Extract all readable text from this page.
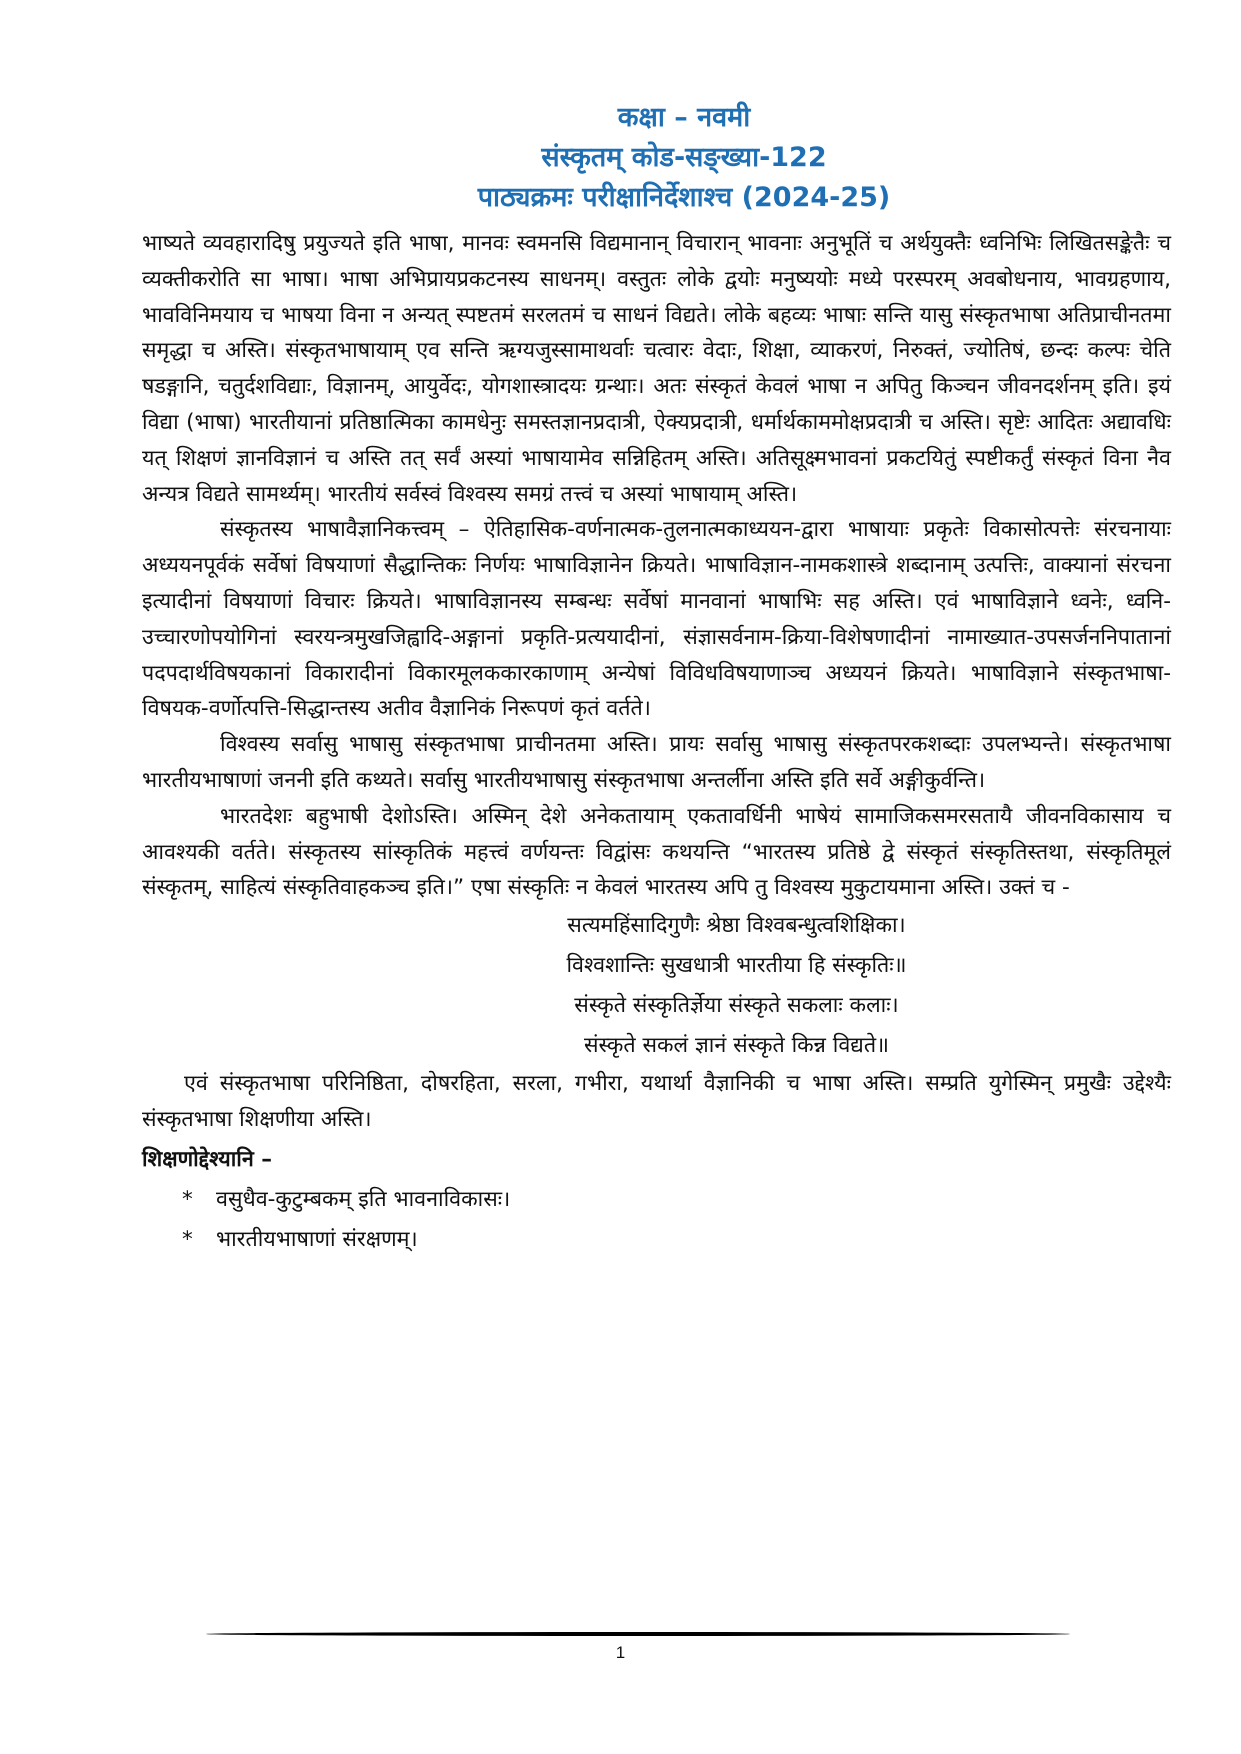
कक्षा – नवमी
संस्कृतम् कोड-सङ्ख्या-122
पाठ्यक्रमः परीक्षानिर्देशाश्च (2024-25)

भाष्यते व्यवहारादिषु प्रयुज्यते इति भाषा, मानवः स्वमनसि विद्यमानान् विचारान् भावनाः अनुभूतिं च अर्थयुक्तैः ध्वनिभिः लिखितसङ्केतैः च व्यक्तीकरोति सा भाषा। भाषा अभिप्रायप्रकटनस्य साधनम्। वस्तुतः लोके द्वयोः मनुष्ययोः मध्ये परस्परम् अवबोधनाय, भावग्रहणाय, भावविनिमयाय च भाषया विना न अन्यत् स्पष्टतमं सरलतमं च साधनं विद्यते। लोके बहव्यः भाषाः सन्ति यासु संस्कृतभाषा अतिप्राचीनतमा समृद्धा च अस्ति। संस्कृतभाषायाम् एव सन्ति ऋग्यजुस्सामाथर्वाः चत्वारः वेदाः, शिक्षा, व्याकरणं, निरुक्तं, ज्योतिषं, छन्दः कल्पः चेति षडङ्गानि, चतुर्दशविद्याः, विज्ञानम्, आयुर्वेदः, योगशास्त्रादयः ग्रन्थाः। अतः संस्कृतं केवलं भाषा न अपितु किञ्चन जीवनदर्शनम् इति। इयं विद्या (भाषा) भारतीयानां प्रतिष्ठात्मिका कामधेनुः समस्तज्ञानप्रदात्री, ऐक्यप्रदात्री, धर्मार्थकाममोक्षप्रदात्री च अस्ति। सृष्टेः आदितः अद्यावधिः यत् शिक्षणं ज्ञानविज्ञानं च अस्ति तत् सर्वं अस्यां भाषायामेव सन्निहितम् अस्ति। अतिसूक्ष्मभावनां प्रकटयितुं स्पष्टीकर्तुं संस्कृतं विना नैव अन्यत्र विद्यते सामर्थ्यम्। भारतीयं सर्वस्वं विश्वस्य समग्रं तत्त्वं च अस्यां भाषायाम् अस्ति।

संस्कृतस्य भाषावैज्ञानिकत्त्वम् – ऐतिहासिक-वर्णनात्मक-तुलनात्मकाध्ययन-द्वारा भाषायाः प्रकृतेः विकासोत्पत्तेः संरचनायाः अध्ययनपूर्वकं सर्वेषां विषयाणां सैद्धान्तिकः निर्णयः भाषाविज्ञानेन क्रियते। भाषाविज्ञान-नामकशास्त्रे शब्दानाम् उत्पत्तिः, वाक्यानां संरचना इत्यादीनां विषयाणां विचारः क्रियते। भाषाविज्ञानस्य सम्बन्धः सर्वेषां मानवानां भाषाभिः सह अस्ति। एवं भाषाविज्ञाने ध्वनेः, ध्वनि-उच्चारणोपयोगिनां स्वरयन्त्रमुखजिह्वादि-अङ्गानां प्रकृति-प्रत्ययादीनां, संज्ञासर्वनाम-क्रिया-विशेषणादीनां नामाख्यात-उपसर्जननिपातानां पदपदार्थविषयकानां विकारादीनां विकारमूलककारकाणाम् अन्येषां विविधविषयाणाञ्च अध्ययनं क्रियते। भाषाविज्ञाने संस्कृतभाषा-विषयक-वर्णोत्पत्ति-सिद्धान्तस्य अतीव वैज्ञानिकं निरूपणं कृतं वर्तते।

विश्वस्य सर्वासु भाषासु संस्कृतभाषा प्राचीनतमा अस्ति। प्रायः सर्वासु भाषासु संस्कृतपरकशब्दाः उपलभ्यन्ते। संस्कृतभाषा भारतीयभाषाणां जननी इति कथ्यते। सर्वासु भारतीयभाषासु संस्कृतभाषा अन्तर्लीना अस्ति इति सर्वे अङ्गीकुर्वन्ति।

भारतदेशः बहुभाषी देशोऽस्ति। अस्मिन् देशे अनेकतायाम् एकतावर्धिनी भाषेयं सामाजिकसमरसतायै जीवनविकासाय च आवश्यकी वर्तते। संस्कृतस्य सांस्कृतिकं महत्त्वं वर्णयन्तः विद्वांसः कथयन्ति “भारतस्य प्रतिष्ठे द्वे संस्कृतं संस्कृतिस्तथा, संस्कृतिमूलं संस्कृतम्, साहित्यं संस्कृतिवाहकञ्च इति।” एषा संस्कृतिः न केवलं भारतस्य अपि तु विश्वस्य मुकुटायमाना अस्ति। उक्तं च -

सत्यमहिंसादिगुणैः श्रेष्ठा विश्वबन्धुत्वशिक्षिका।
विश्वशान्तिः सुखधात्री भारतीया हि संस्कृतिः॥
संस्कृते संस्कृतिर्ज्ञेया संस्कृते सकलाः कलाः।
संस्कृते सकलं ज्ञानं संस्कृते किन्न विद्यते॥

एवं संस्कृतभाषा परिनिष्ठिता, दोषरहिता, सरला, गभीरा, यथार्था वैज्ञानिकी च भाषा अस्ति। सम्प्रति युगेस्मिन् प्रमुखैः उद्देश्यैः संस्कृतभाषा शिक्षणीया अस्ति।

शिक्षणोद्देश्यानि –
*	वसुधैव-कुटुम्बकम् इति भावनाविकासः।
*	भारतीयभाषाणां संरक्षणम्।
1
